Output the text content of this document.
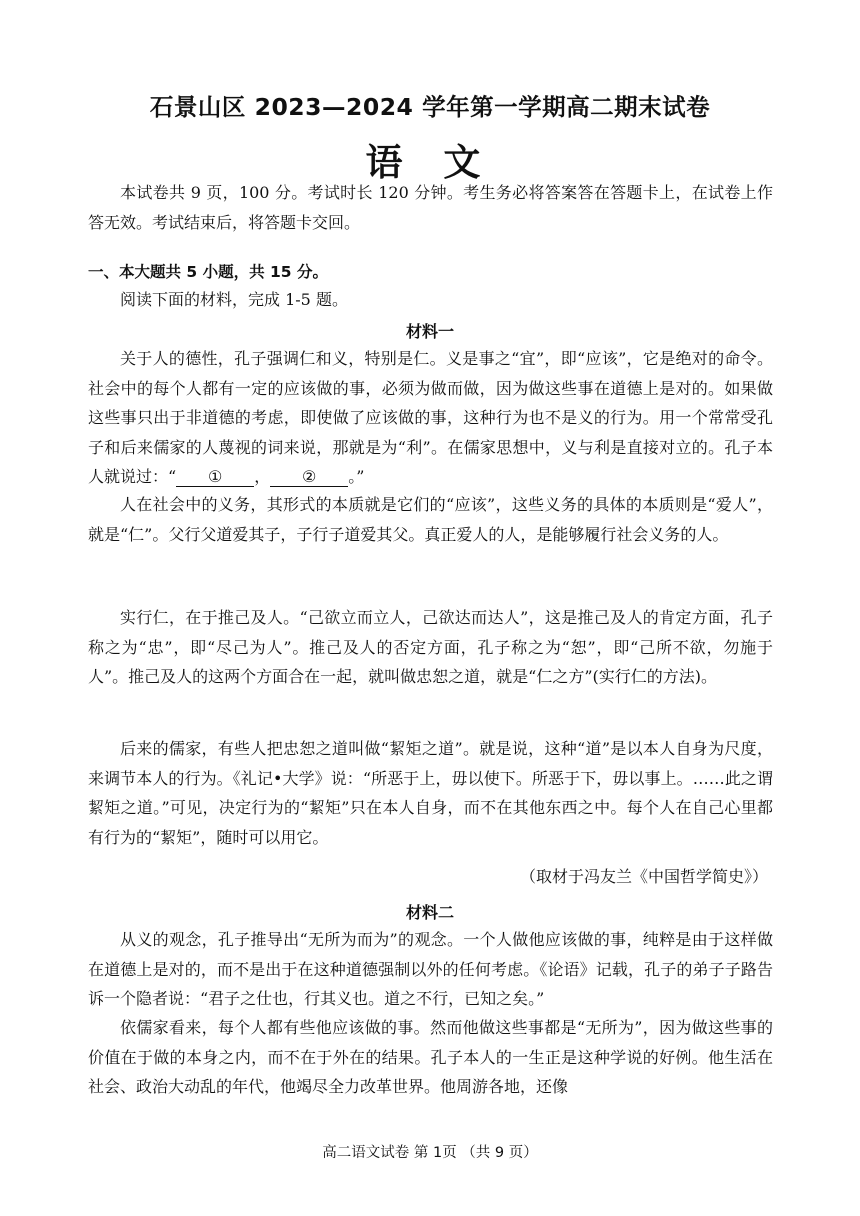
石景山区 2023—2024 学年第一学期高二期末试卷
语 文

本试卷共 9 页，100 分。考试时长 120 分钟。考生务必将答案答在答题卡上，在试卷上作答无效。考试结束后，将答题卡交回。

一、本大题共 5 小题，共 15 分。

阅读下面的材料，完成 1-5 题。

材料一

关于人的德性，孔子强调仁和义，特别是仁。义是事之“宜”，即“应该”，它是绝对的命令。社会中的每个人都有一定的应该做的事，必须为做而做，因为做这些事在道德上是对的。如果做这些事只出于非道德的考虑，即使做了应该做的事，这种行为也不是义的行为。用一个常常受孔子和后来儒家的人蔑视的词来说，那就是为“利”。在儒家思想中，义与利是直接对立的。孔子本人就说过：“ ① ， ② 。”

人在社会中的义务，其形式的本质就是它们的“应该”，这些义务的具体的本质则是“爱人”，就是“仁”。父行父道爱其子，子行子道爱其父。真正爱人的人，是能够履行社会义务的人。

实行仁，在于推己及人。“己欲立而立人，己欲达而达人”，这是推己及人的肯定方面，孔子称之为“忠”，即“尽己为人”。推己及人的否定方面，孔子称之为“恕”，即“己所不欲，勿施于人”。推己及人的这两个方面合在一起，就叫做忠恕之道，就是“仁之方”(实行仁的方法)。

后来的儒家，有些人把忠恕之道叫做“絜矩之道”。就是说，这种“道”是以本人自身为尺度，来调节本人的行为。《礼记•大学》说：“所恶于上，毋以使下。所恶于下，毋以事上。……此之谓絜矩之道。”可见，决定行为的“絜矩”只在本人自身，而不在其他东西之中。每个人在自己心里都有行为的“絜矩”，随时可以用它。

（取材于冯友兰《中国哲学简史》）
材料二

从义的观念，孔子推导出“无所为而为”的观念。一个人做他应该做的事，纯粹是由于这样做在道德上是对的，而不是出于在这种道德强制以外的任何考虑。《论语》记载，孔子的弟子子路告诉一个隐者说：“君子之仕也，行其义也。道之不行，已知之矣。”

依儒家看来，每个人都有些他应该做的事。然而他做这些事都是“无所为”，因为做这些事的价值在于做的本身之内，而不在于外在的结果。孔子本人的一生正是这种学说的好例。他生活在社会、政治大动乱的年代，他竭尽全力改革世界。他周游各地，还像

高二语文试卷 第 1页 （共 9 页）
